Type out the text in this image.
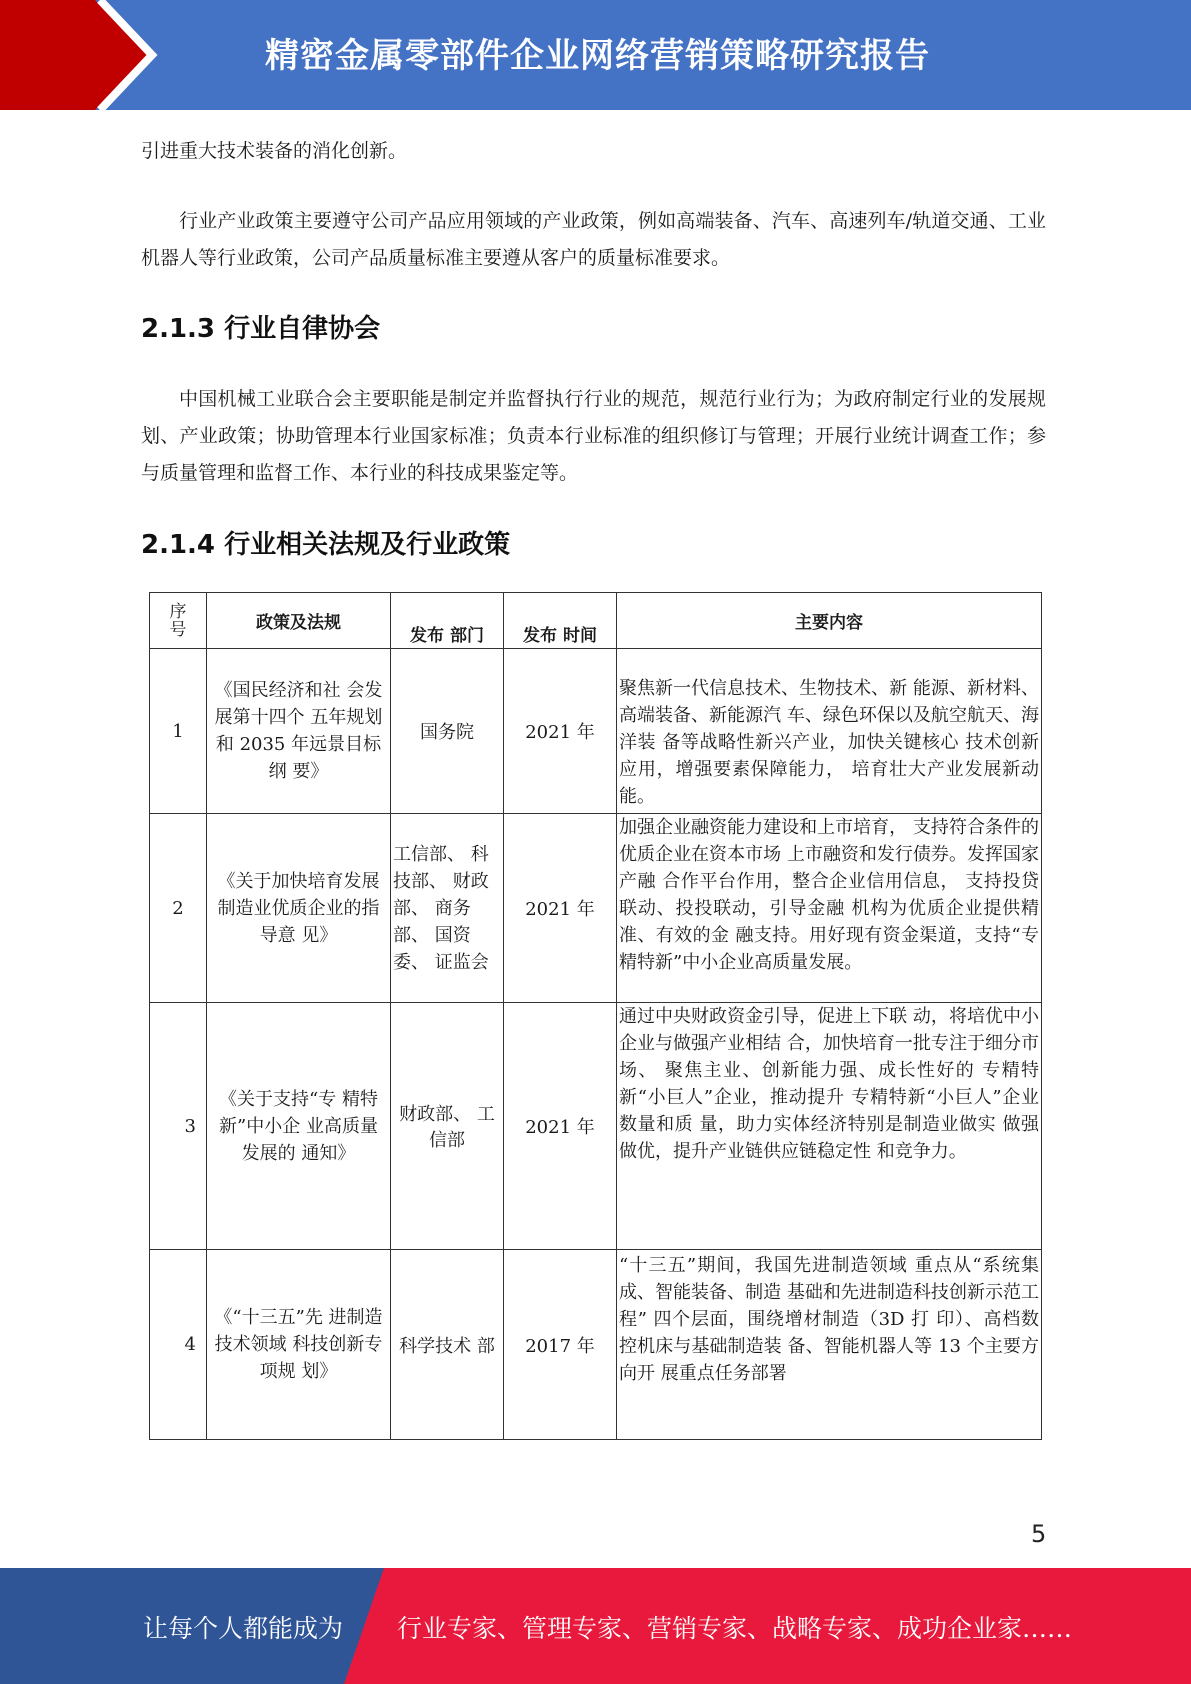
精密金属零部件企业网络营销策略研究报告
引进重大技术装备的消化创新。
行业产业政策主要遵守公司产品应用领域的产业政策，例如高端装备、汽车、高速列车/轨道交通、工业机器人等行业政策，公司产品质量标准主要遵从客户的质量标准要求。
2.1.3 行业自律协会
中国机械工业联合会主要职能是制定并监督执行行业的规范，规范行业行为；为政府制定行业的发展规划、产业政策；协助管理本行业国家标准；负责本行业标准的组织修订与管理；开展行业统计调查工作；参与质量管理和监督工作、本行业的科技成果鉴定等。
2.1.4 行业相关法规及行业政策
序
号	政策及法规	发布 部门	发布 时间	主要内容
1	《国民经济和社 会发展第十四个 五年规划和 2035 年远景目标纲 要》	国务院	2021 年	聚焦新一代信息技术、生物技术、新 能源、新材料、高端装备、新能源汽 车、绿色环保以及航空航天、海洋装 备等战略性新兴产业，加快关键核心 技术创新应用，增强要素保障能力， 培育壮大产业发展新动能。
2	《关于加快培育发展制造业优质企业的指导意 见》	工信部、 科技部、 财政部、 商务部、 国资委、 证监会	2021 年	加强企业融资能力建设和上市培育， 支持符合条件的优质企业在资本市场 上市融资和发行债券。发挥国家产融 合作平台作用，整合企业信用信息， 支持投贷联动、投投联动，引导金融 机构为优质企业提供精准、有效的金 融支持。用好现有资金渠道，支持“专精特新”中小企业高质量发展。
3	《关于支持“专 精特新”中小企 业高质量发展的 通知》	财政部、 工信部	2021 年	通过中央财政资金引导，促进上下联 动，将培优中小企业与做强产业相结 合，加快培育一批专注于细分市场、 聚焦主业、创新能力强、成长性好的 专精特新“小巨人”企业，推动提升 专精特新“小巨人”企业数量和质 量，助力实体经济特别是制造业做实 做强做优，提升产业链供应链稳定性 和竞争力。
4	《“十三五”先 进制造技术领域 科技创新专项规 划》	科学技术 部	2017 年	“十三五”期间，我国先进制造领域 重点从“系统集成、智能装备、制造 基础和先进制造科技创新示范工程” 四个层面，围绕增材制造（3D 打 印）、高档数控机床与基础制造装 备、智能机器人等 13 个主要方向开 展重点任务部署
5
让每个人都能成为 行业专家、管理专家、营销专家、战略专家、成功企业家……
